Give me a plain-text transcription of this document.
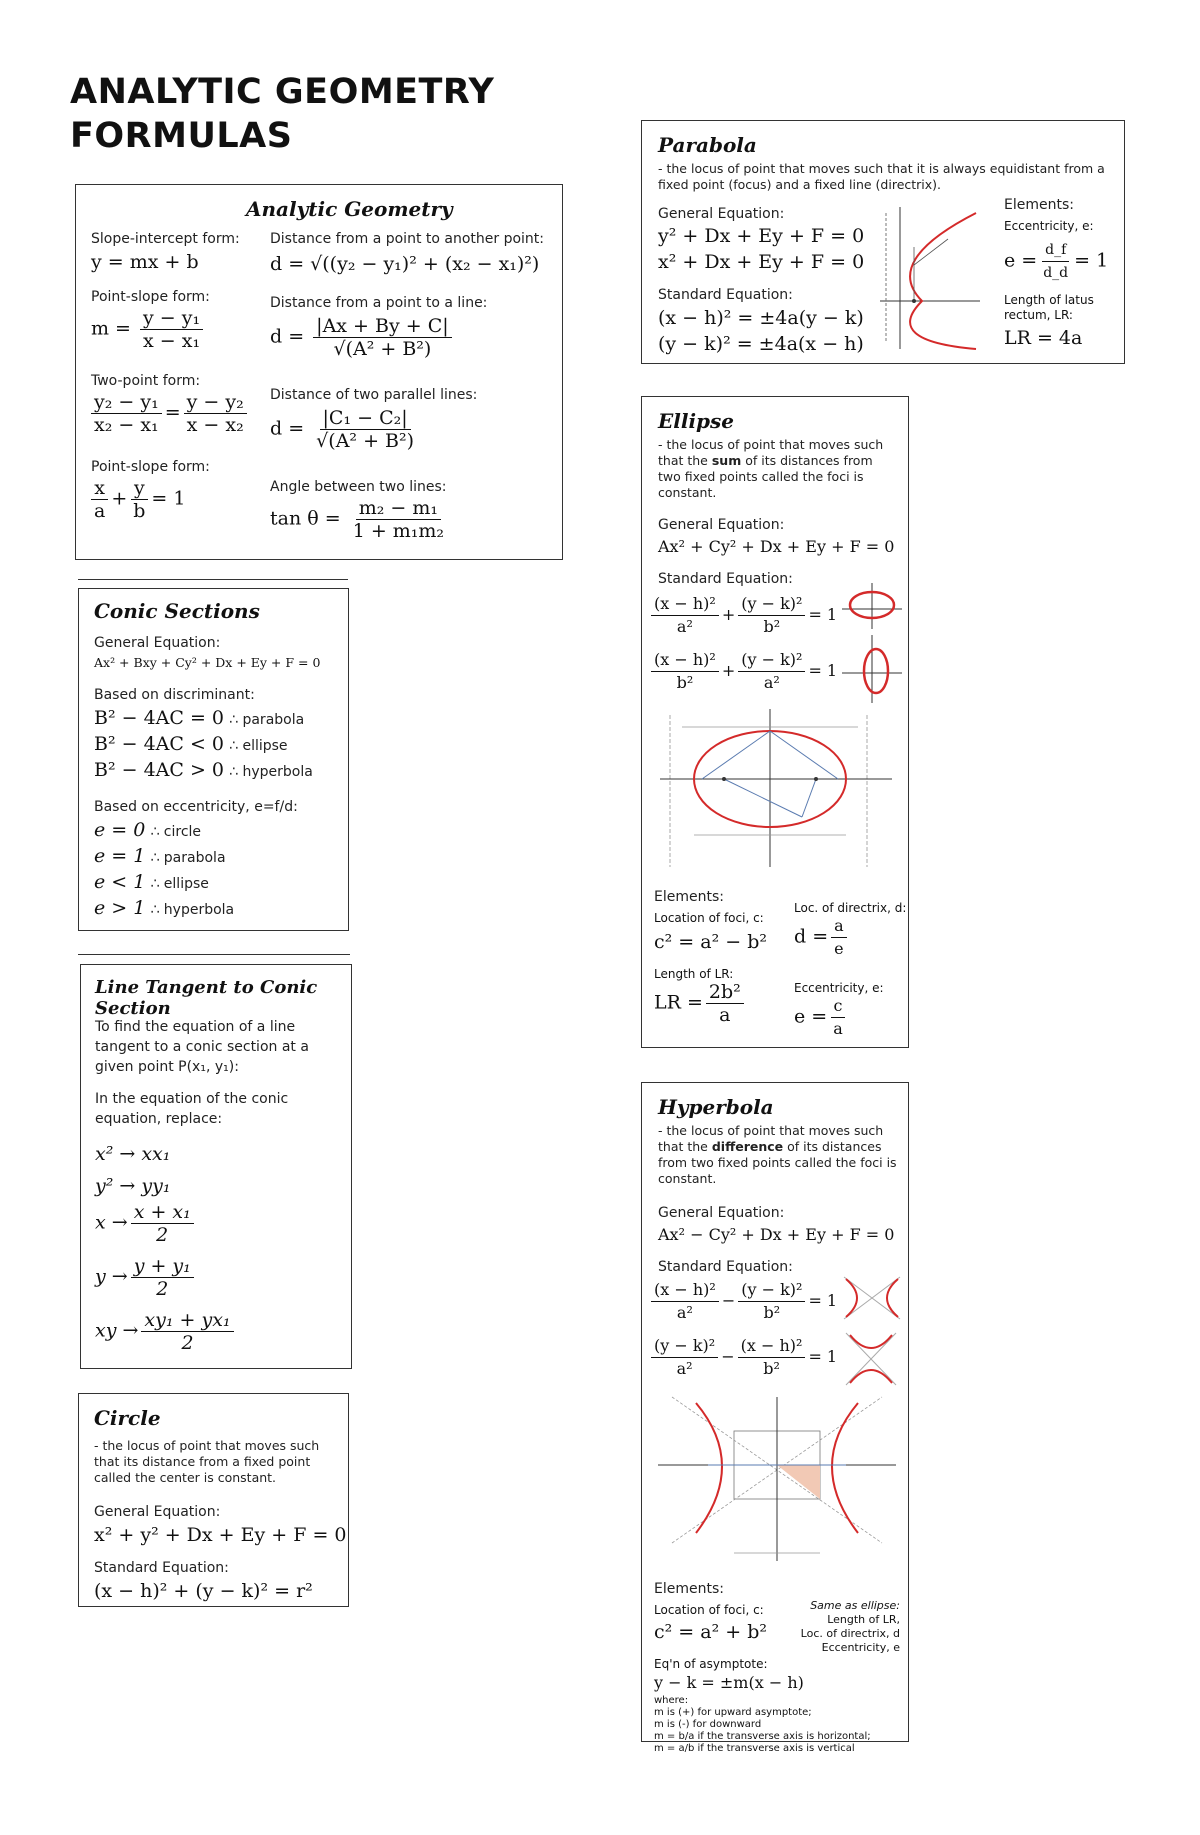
ANALYTIC GEOMETRY
FORMULAS
Analytic Geometry
Slope-intercept form:
y = mx + b
Point-slope form:
$m = \frac{\text{y − y₁}}{\text{x − x₁}}$
Two-point form:
$\frac{\text{y₂ − y₁}}{\text{x₂ − x₁}} = \frac{\text{y − y₂}}{\text{x − x₂}}$
Point-slope form:
$\frac{x}{a} + \frac{y}{b} = 1$
Distance from a point to another point:
d = √((y₂ − y₁)² + (x₂ − x₁)²)
Distance from a point to a line:
$d = \frac{|Ax + By + C|}{\text{√(A² + B²)}}$
Distance of two parallel lines:
$d = \frac{\text{|C₁ − C₂|}}{\text{√(A² + B²)}}$
Angle between two lines:
$\tan \theta = \frac{\text{m₂ − m₁}}{\text{1 + m₁m₂}}$
Conic Sections
General Equation:
Ax² + Bxy + Cy² + Dx + Ey + F = 0
Based on discriminant:
B² − 4AC = 0 ∴ parabola
B² − 4AC < 0 ∴ ellipse
B² − 4AC > 0 ∴ hyperbola
Based on eccentricity, e=f/d:
e = 0 ∴ circle
e = 1 ∴ parabola
e < 1 ∴ ellipse
e > 1 ∴ hyperbola
Line Tangent to Conic Section
To find the equation of a line tangent to a conic section at a given point P(x₁, y₁):
In the equation of the conic equation, replace:
x² → xx₁
y² → yy₁
$x \to \frac{\text{x + x₁}}{2}$
$y \to \frac{\text{y + y₁}}{2}$
xy → $\frac{\text{xy₁ + yx₁}}{2}$
Circle
- the locus of point that moves such that its distance from a fixed point called the center is constant.
General Equation:
x² + y² + Dx + Ey + F = 0
Standard Equation:
(x − h)² + (y − k)² = r²
Parabola
- the locus of point that moves such that it is always equidistant from a fixed point (focus) and a fixed line (directrix).
General Equation:
y² + Dx + Ey + F = 0
x² + Dx + Ey + F = 0
Standard Equation:
(x − h)² = ±4a(y − k)
(y − k)² = ±4a(x − h)
Elements:
Eccentricity, e:
$e = \frac{d\_f}{d\_d} = 1$
Length of latus rectum, LR:
LR = 4a
Ellipse
- the locus of point that moves such that the sum of its distances from two fixed points called the foci is constant.
General Equation:
Ax² + Cy² + Dx + Ey + F = 0
Standard Equation:
$\frac{\text{(x − h)²}}{\text{a²}} + \frac{\text{(y − k)²}}{\text{b²}} = 1$
$\frac{\text{(x − h)²}}{\text{b²}} + \frac{\text{(y − k)²}}{\text{a²}} = 1$
Elements:
Location of foci, c:
c² = a² − b²
Loc. of directrix, d:
$d = \frac{a}{e}$
Length of LR:
LR = $\frac{\text{2b²}}{a}$	Eccentricity, e:
$e = \frac{c}{a}$
Hyperbola
- the locus of point that moves such that the difference of its distances from two fixed points called the foci is constant.
General Equation:
Ax² − Cy² + Dx + Ey + F = 0
Standard Equation:
$\frac{\text{(x − h)²}}{\text{a²}} - \frac{\text{(y − k)²}}{\text{b²}} = 1$
$\frac{\text{(y − k)²}}{\text{a²}} - \frac{\text{(x − h)²}}{\text{b²}} = 1$
Elements:
Location of foci, c:
c² = a² + b²
Same as ellipse:
Length of LR,
Loc. of directrix, d
Eccentricity, e
Eq'n of asymptote:
y − k = ±m(x − h)
where:
m is (+) for upward asymptote;
m is (-) for downward
m = b/a if the transverse axis is horizontal;
m = a/b if the transverse axis is vertical
